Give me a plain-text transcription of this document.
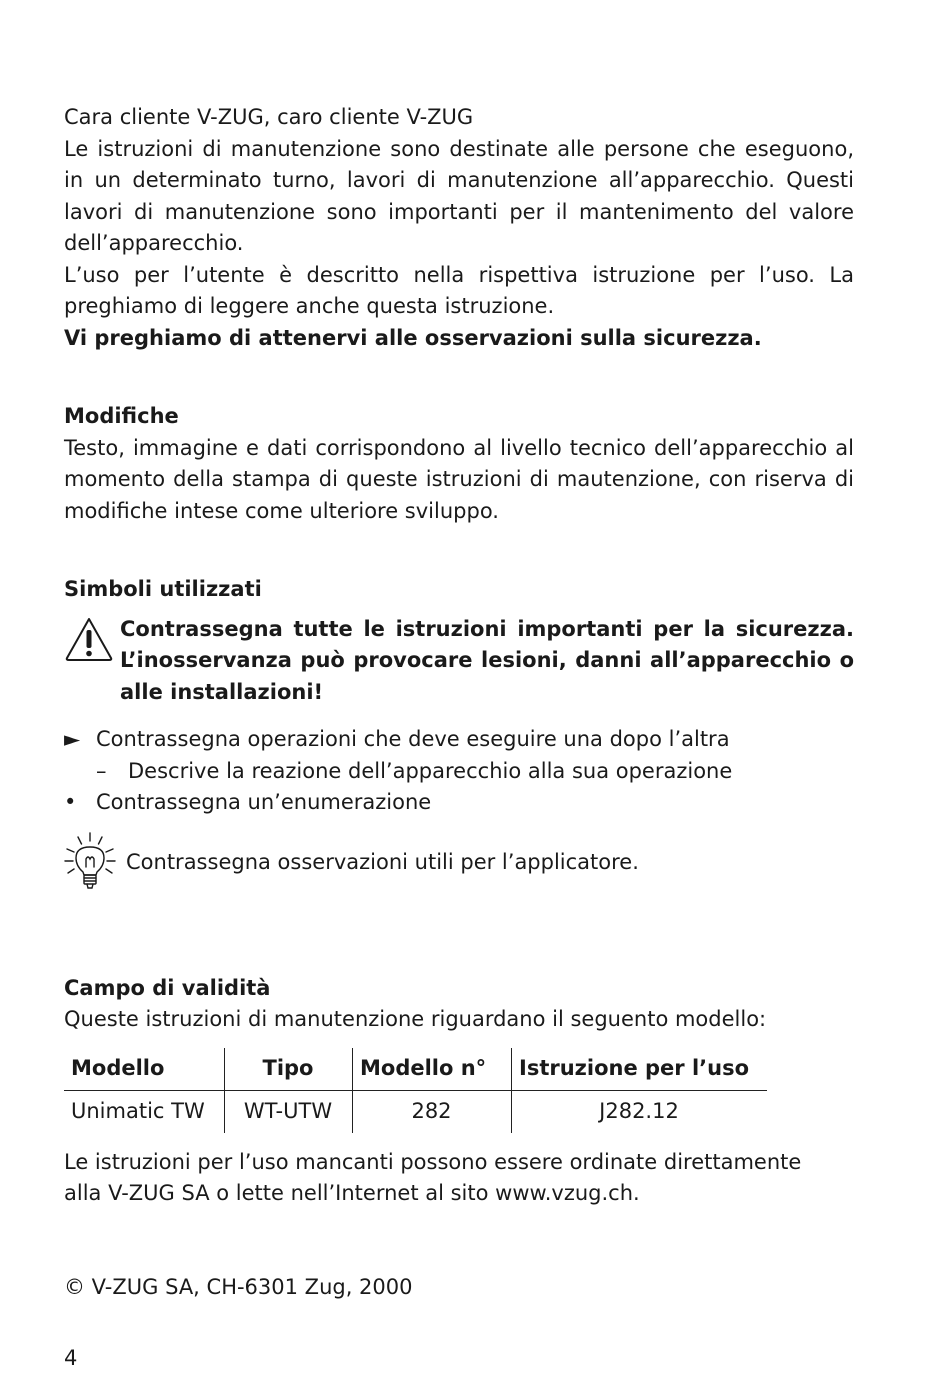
Cara cliente V-ZUG, caro cliente V-ZUG

Le istruzioni di manutenzione sono destinate alle persone che eseguono, in un determinato turno, lavori di manutenzione all’apparecchio. Questi lavori di manutenzione sono importanti per il mantenimento del valore dell’apparecchio.

L’uso per l’utente è descritto nella rispettiva istruzione per l’uso. La preghiamo di leggere anche questa istruzione.

Vi preghiamo di attenervi alle osservazioni sulla sicurezza.

Modifiche

Testo, immagine e dati corrispondono al livello tecnico dell’apparecchio al momento della stampa di queste istruzioni di mautenzione, con riserva di modifiche intese come ulteriore sviluppo.

Simboli utilizzati

Contrassegna tutte le istruzioni importanti per la sicurezza. L’inosservanza può provocare lesioni, danni all’apparecchio o alle installazioni!
► Contrassegna operazioni che deve eseguire una dopo l’altra
–	Descrive la reazione dell’apparecchio alla sua operazione
• Contrassegna un’enumerazione
Contrassegna osservazioni utili per l’applicatore.

Campo di validità

Queste istruzioni di manutenzione riguardano il seguento modello:

Modello	Tipo	Modello n°	Istruzione per l’uso
Unimatic TW	WT-UTW	282	J282.12

Le istruzioni per l’uso mancanti possono essere ordinate direttamente alla V-ZUG SA o lette nell’Internet al sito www.vzug.ch.

© V-ZUG SA, CH-6301 Zug, 2000

4
